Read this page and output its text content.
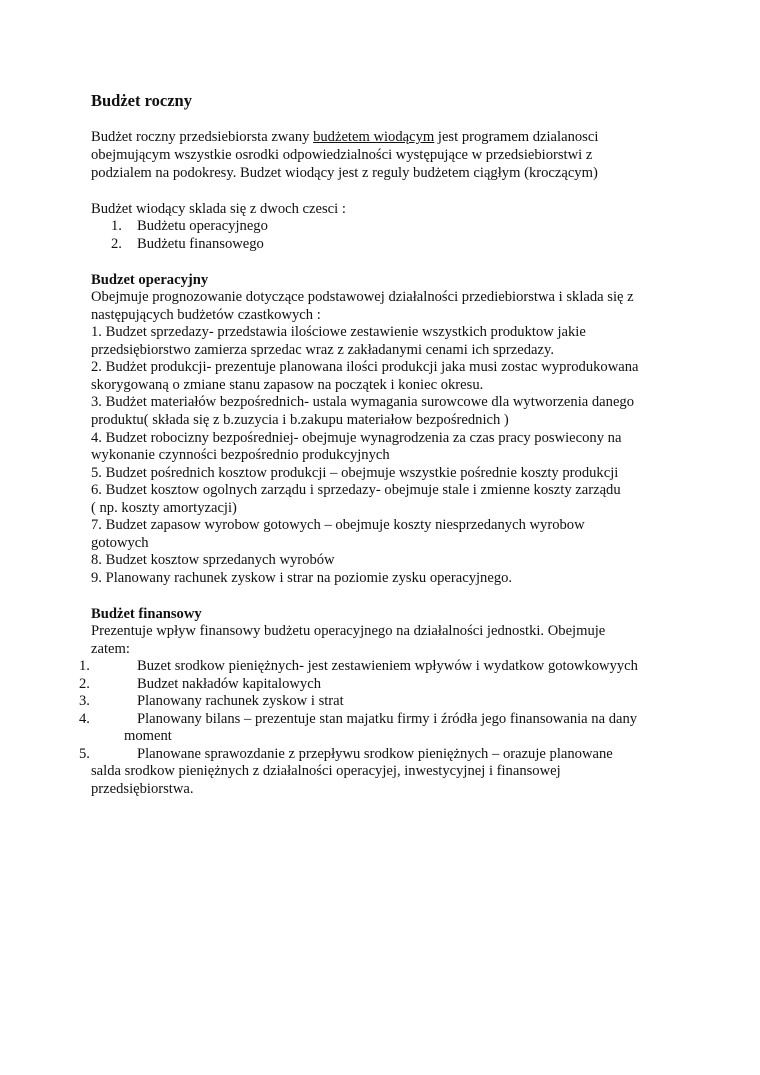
Budżet roczny
Budżet roczny przedsiebiorsta zwany budżetem wiodącym jest programem dzialanosci
obejmującym wszystkie osrodki odpowiedzialności występujące w przedsiebiorstwi z
podzialem na podokresy. Budzet wiodący jest z reguly budżetem ciągłym (kroczącym)
Budżet wiodący sklada się z dwoch czesci :
1. Budżetu operacyjnego
2. Budżetu finansowego
Budzet operacyjny
Obejmuje prognozowanie dotyczące podstawowej działalności przediebiorstwa i sklada się z
następujących budżetów czastkowych :
1. Budzet sprzedazy- przedstawia ilościowe zestawienie wszystkich produktow jakie
przedsiębiorstwo zamierza sprzedac wraz z zakładanymi cenami ich sprzedazy.
2. Budżet produkcji- prezentuje planowana ilości produkcji jaka musi zostac wyprodukowana
skorygowaną o zmiane stanu zapasow na początek i koniec okresu.
3. Budżet materiałów bezpośrednich- ustala wymagania surowcowe dla wytworzenia danego
produktu( składa się z b.zuzycia i b.zakupu materiałow bezpośrednich )
4. Budzet robocizny bezpośredniej- obejmuje wynagrodzenia za czas pracy poswiecony na
wykonanie czynności bezpośrednio produkcyjnych
5. Budzet pośrednich kosztow produkcji – obejmuje wszystkie pośrednie koszty produkcji
6. Budzet kosztow ogolnych zarządu i sprzedazy- obejmuje stale i zmienne koszty zarządu
( np. koszty amortyzacji)
7. Budzet zapasow wyrobow gotowych – obejmuje koszty niesprzedanych wyrobow
gotowych
8. Budzet kosztow sprzedanych wyrobów
9. Planowany rachunek zyskow i strar na poziomie zysku operacyjnego.
Budżet finansowy
Prezentuje wpływ finansowy budżetu operacyjnego na działalności jednostki. Obejmuje
zatem:
1.	Buzet srodkow pieniężnych- jest zestawieniem wpływów i wydatkow gotowkowyych
2.	Budzet nakładów kapitalowych
3.	Planowany rachunek zyskow i strat
4.	Planowany bilans – prezentuje stan majatku firmy i źródła jego finansowania na dany
moment
5.	Planowane sprawozdanie z przepływu srodkow pieniężnych – orazuje planowane
salda srodkow pieniężnych z działalności operacyjej, inwestycyjnej i finansowej
przedsiębiorstwa.
